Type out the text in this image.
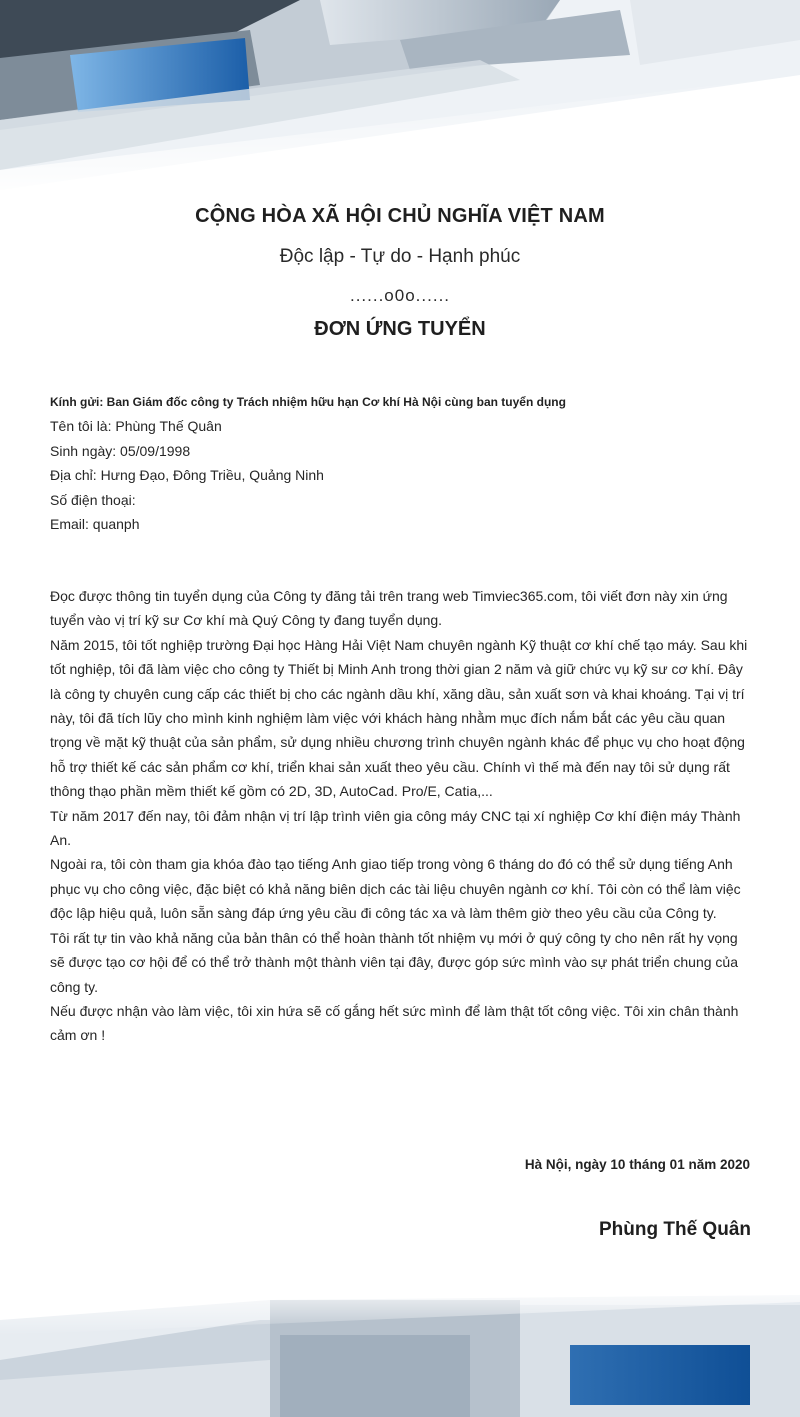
CỘNG HÒA XÃ HỘI CHỦ NGHĨA VIỆT NAM
Độc lập - Tự do - Hạnh phúc
......o0o......
ĐƠN ỨNG TUYỂN
Kính gửi: Ban Giám đốc công ty Trách nhiệm hữu hạn Cơ khí Hà Nội cùng ban tuyển dụng
Tên tôi là: Phùng Thế Quân
Sinh ngày: 05/09/1998
Địa chỉ: Hưng Đạo, Đông Triều, Quảng Ninh
Số điện thoại:
Email: quanph

Đọc được thông tin tuyển dụng của Công ty đăng tải trên trang web Timviec365.com, tôi viết đơn này xin ứng tuyển vào vị trí kỹ sư Cơ khí mà Quý Công ty đang tuyển dụng.

Năm 2015, tôi tốt nghiệp trường Đại học Hàng Hải Việt Nam chuyên ngành Kỹ thuật cơ khí chế tạo máy. Sau khi tốt nghiệp, tôi đã làm việc cho công ty Thiết bị Minh Anh trong thời gian 2 năm và giữ chức vụ kỹ sư cơ khí. Đây là công ty chuyên cung cấp các thiết bị cho các ngành dầu khí, xăng dầu, sản xuất sơn và khai khoáng. Tại vị trí này, tôi đã tích lũy cho mình kinh nghiệm làm việc với khách hàng nhằm mục đích nắm bắt các yêu cầu quan trọng về mặt kỹ thuật của sản phẩm, sử dụng nhiều chương trình chuyên ngành khác để phục vụ cho hoạt động hỗ trợ thiết kế các sản phẩm cơ khí, triển khai sản xuất theo yêu cầu. Chính vì thế mà đến nay tôi sử dụng rất thông thạo phần mềm thiết kế gồm có 2D, 3D, AutoCad. Pro/E, Catia,...

Từ năm 2017 đến nay, tôi đảm nhận vị trí lập trình viên gia công máy CNC tại xí nghiệp Cơ khí điện máy Thành An.

Ngoài ra, tôi còn tham gia khóa đào tạo tiếng Anh giao tiếp trong vòng 6 tháng do đó có thể sử dụng tiếng Anh phục vụ cho công việc, đặc biệt có khả năng biên dịch các tài liệu chuyên ngành cơ khí. Tôi còn có thể làm việc độc lập hiệu quả, luôn sẵn sàng đáp ứng yêu cầu đi công tác xa và làm thêm giờ theo yêu cầu của Công ty.

Tôi rất tự tin vào khả năng của bản thân có thể hoàn thành tốt nhiệm vụ mới ở quý công ty cho nên rất hy vọng sẽ được tạo cơ hội để có thể trở thành một thành viên tại đây, được góp sức mình vào sự phát triển chung của công ty.

Nếu được nhận vào làm việc, tôi xin hứa sẽ cố gắng hết sức mình để làm thật tốt công việc. Tôi xin chân thành cảm ơn !

Hà Nội, ngày 10 tháng 01 năm 2020
Phùng Thế Quân
